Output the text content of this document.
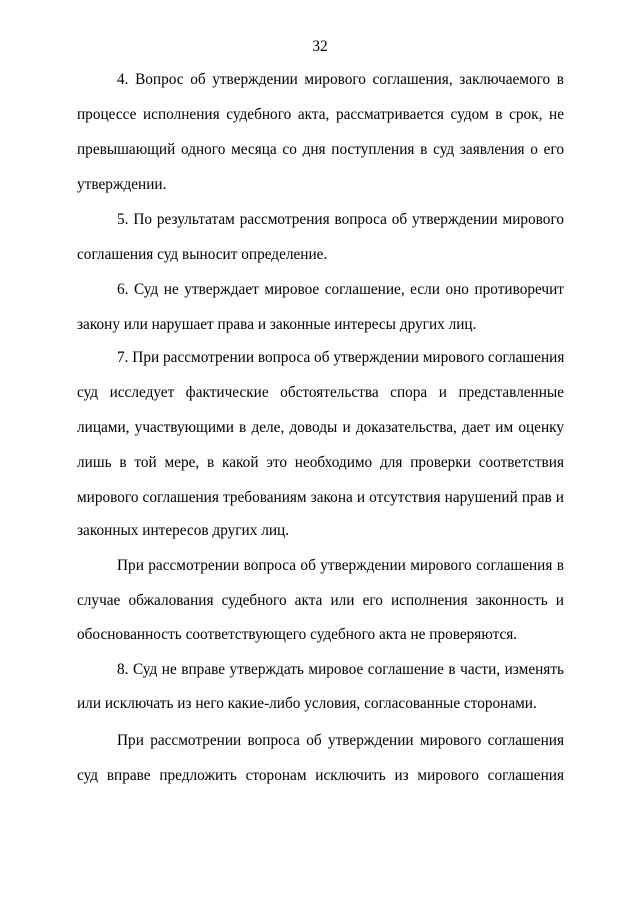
32
4. Вопрос об утверждении мирового соглашения, заключаемого в
процессе исполнения судебного акта, рассматривается судом в срок, не
превышающий одного месяца со дня поступления в суд заявления о его
утверждении.
5. По результатам рассмотрения вопроса об утверждении мирового
соглашения суд выносит определение.
6. Суд не утверждает мировое соглашение, если оно противоречит
закону или нарушает права и законные интересы других лиц.
7. При рассмотрении вопроса об утверждении мирового соглашения
суд исследует фактические обстоятельства спора и представленные
лицами, участвующими в деле, доводы и доказательства, дает им оценку
лишь в той мере, в какой это необходимо для проверки соответствия
мирового соглашения требованиям закона и отсутствия нарушений прав и
законных интересов других лиц.
При рассмотрении вопроса об утверждении мирового соглашения в
случае обжалования судебного акта или его исполнения законность и
обоснованность соответствующего судебного акта не проверяются.
8. Суд не вправе утверждать мировое соглашение в части, изменять
или исключать из него какие-либо условия, согласованные сторонами.
При рассмотрении вопроса об утверждении мирового соглашения
суд вправе предложить сторонам исключить из мирового соглашения
